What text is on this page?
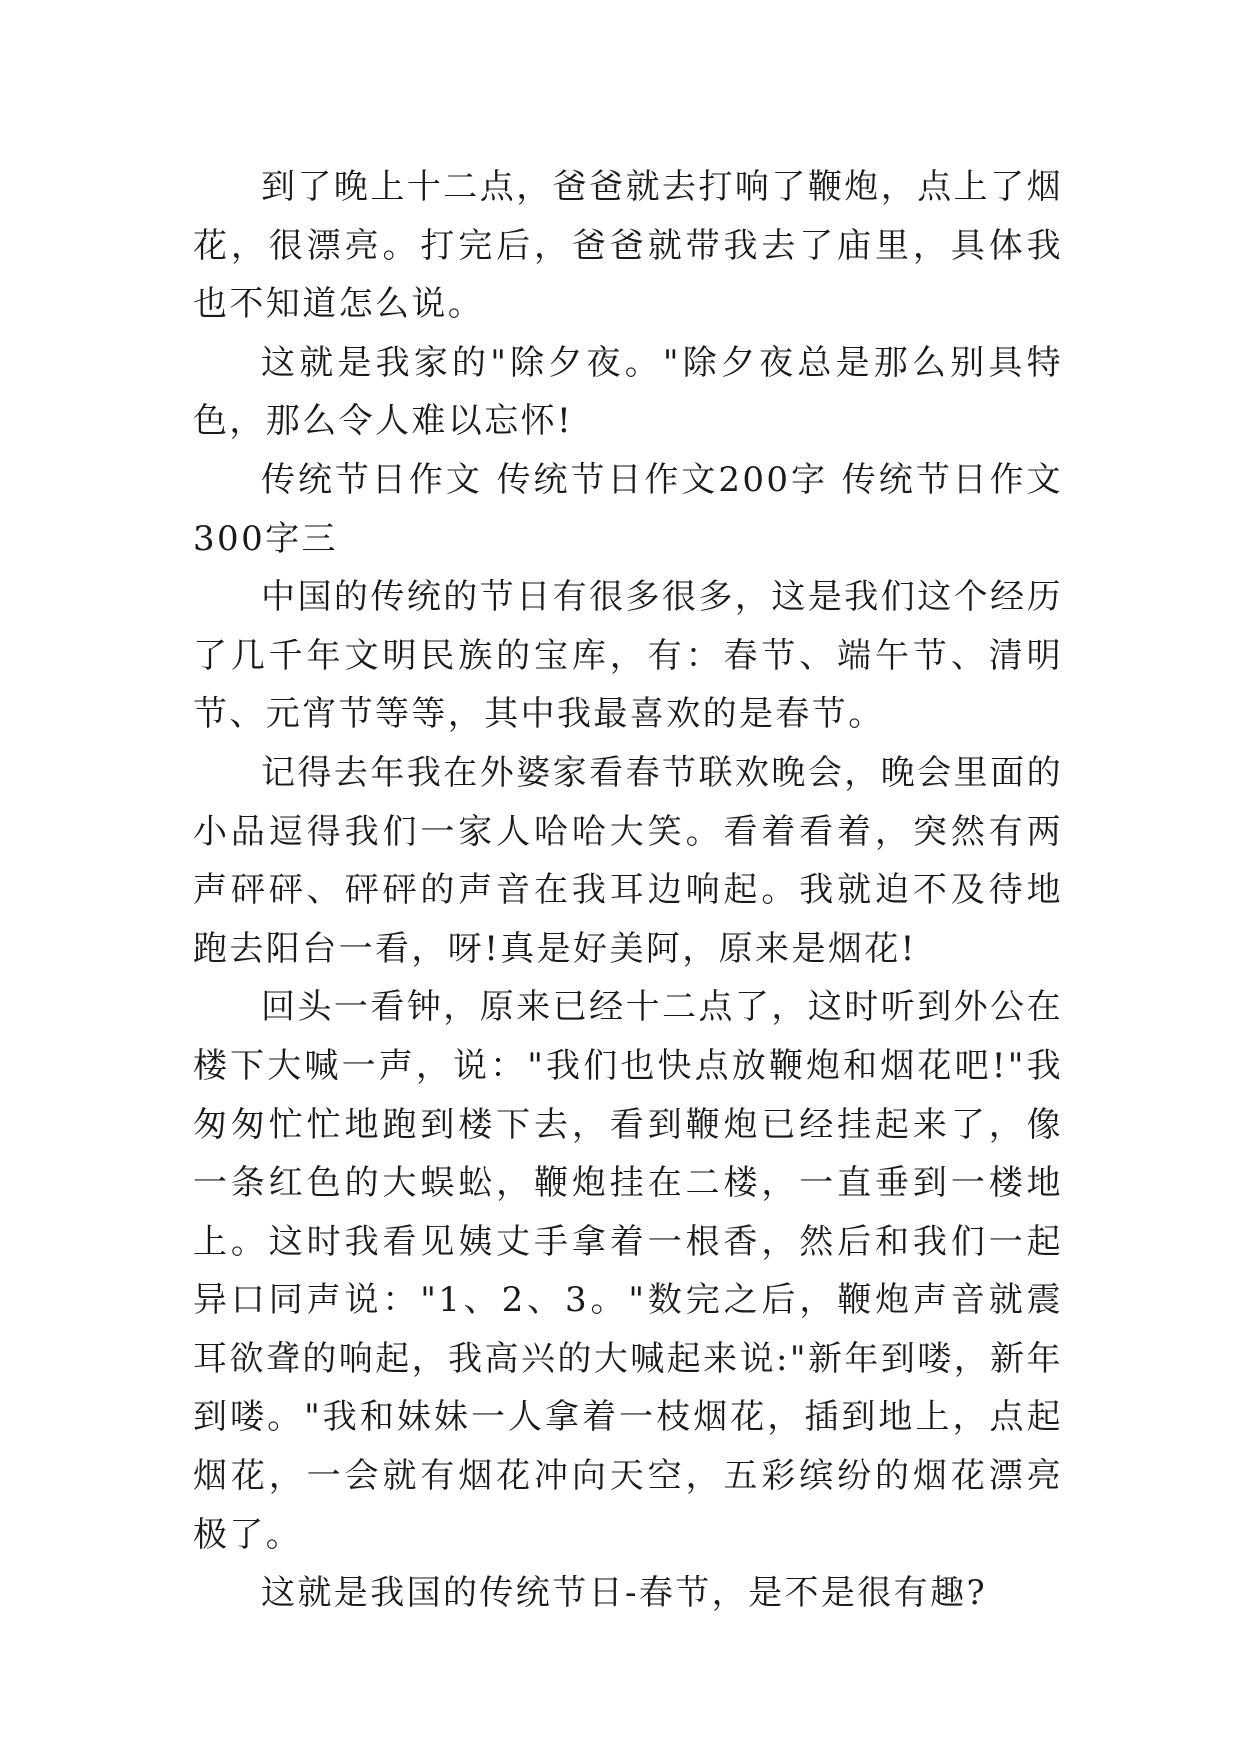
到了晚上十二点，爸爸就去打响了鞭炮，点上了烟花，很漂亮。打完后，爸爸就带我去了庙里，具体我也不知道怎么说。

这就是我家的"除夕夜。"除夕夜总是那么别具特色，那么令人难以忘怀!

传统节日作文 传统节日作文200字 传统节日作文300字三

中国的传统的节日有很多很多，这是我们这个经历了几千年文明民族的宝库，有：春节、端午节、清明节、元宵节等等，其中我最喜欢的是春节。

记得去年我在外婆家看春节联欢晚会，晚会里面的小品逗得我们一家人哈哈大笑。看着看着，突然有两声砰砰、砰砰的声音在我耳边响起。我就迫不及待地跑去阳台一看，呀!真是好美阿，原来是烟花!

回头一看钟，原来已经十二点了，这时听到外公在楼下大喊一声，说："我们也快点放鞭炮和烟花吧!"我匆匆忙忙地跑到楼下去，看到鞭炮已经挂起来了，像一条红色的大蜈蚣，鞭炮挂在二楼，一直垂到一楼地上。这时我看见姨丈手拿着一根香，然后和我们一起异口同声说："1、2、3。"数完之后，鞭炮声音就震耳欲聋的响起，我高兴的大喊起来说:"新年到喽，新年到喽。"我和妹妹一人拿着一枝烟花，插到地上，点起烟花，一会就有烟花冲向天空，五彩缤纷的烟花漂亮极了。

这就是我国的传统节日-春节，是不是很有趣?
